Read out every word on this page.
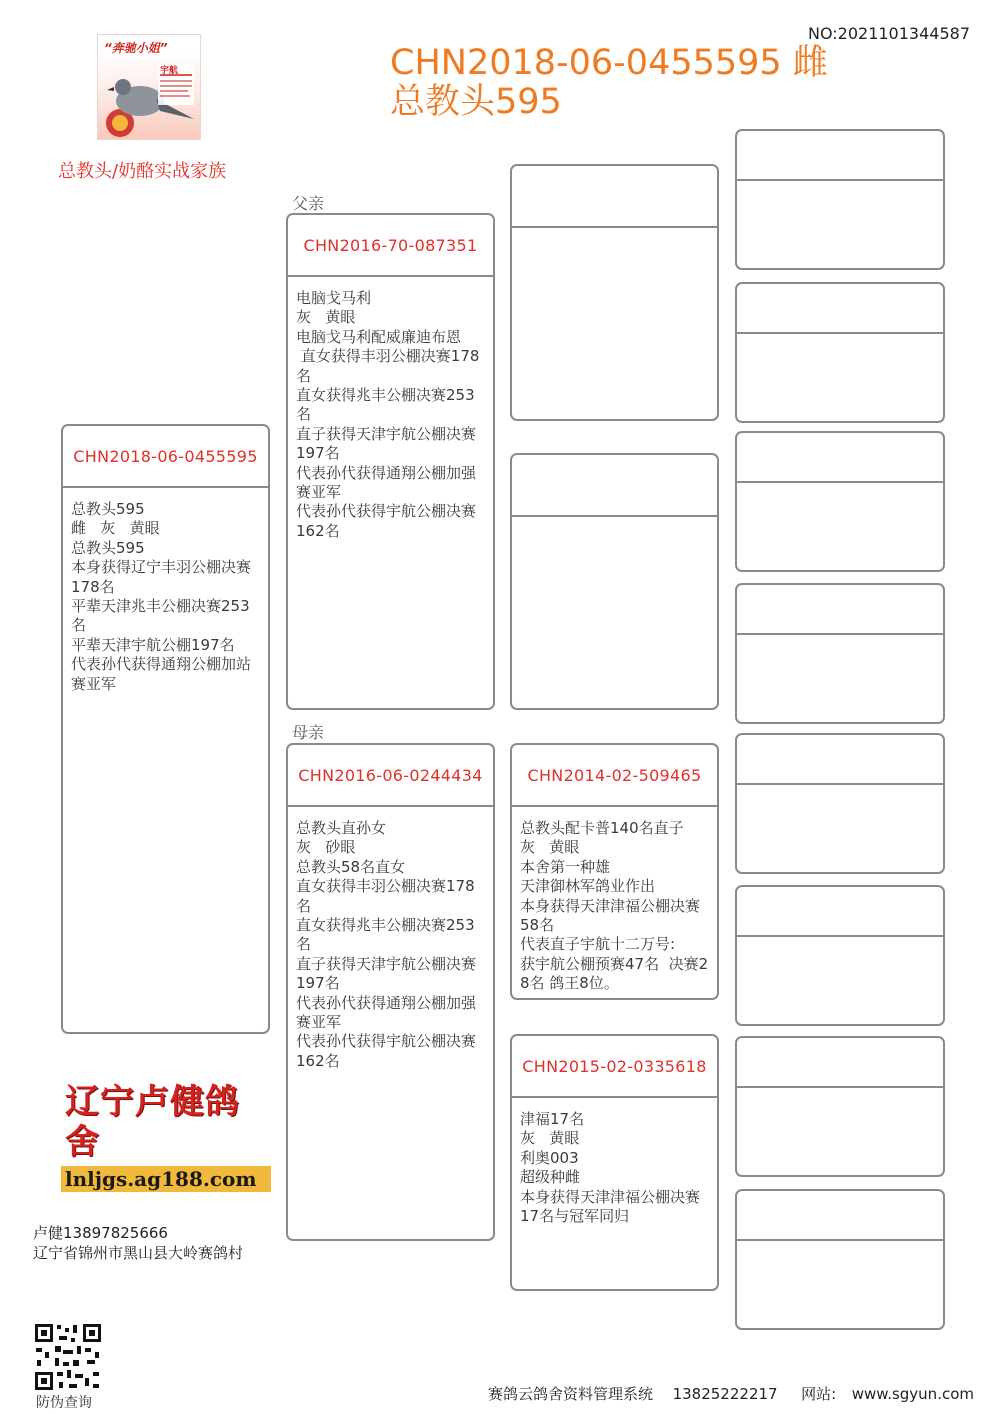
NO:2021101344587
CHN2018-06-0455595 雌
总教头595
“奔驰小姐”
宇航
总教头/奶酪实战家族
父亲
母亲
CHN2018-06-0455595
总教头595
雌   灰   黄眼
总教头595
本身获得辽宁丰羽公棚决赛178名
平辈天津兆丰公棚决赛253名
平辈天津宇航公棚197名
代表孙代获得通翔公棚加站赛亚军
CHN2016-70-087351
电脑戈马利
灰   黄眼
电脑戈马利配威廉迪布恩
直女获得丰羽公棚决赛178名
直女获得兆丰公棚决赛253名
直子获得天津宇航公棚决赛197名
代表孙代获得通翔公棚加强赛亚军
代表孙代获得宇航公棚决赛162名
CHN2016-06-0244434
总教头直孙女
灰   砂眼
总教头58名直女
直女获得丰羽公棚决赛178名
直女获得兆丰公棚决赛253名
直子获得天津宇航公棚决赛197名
代表孙代获得通翔公棚加强赛亚军
代表孙代获得宇航公棚决赛162名
CHN2014-02-509465
总教头配卡普140名直子
灰   黄眼
本舍第一种雄
天津御林军鸽业作出
本身获得天津津福公棚决赛58名
代表直子宇航十二万号:
获宇航公棚预赛47名  决赛28名 鸽王8位。
CHN2015-02-0335618
津福17名
灰   黄眼
利奥003
超级种雌
本身获得天津津福公棚决赛17名与冠军同归
辽宁卢健鸽舍
lnljgs.ag188.com
卢健13897825666
辽宁省锦州市黑山县大岭赛鸽村
防伪查询	赛鸽云鸽舍资料管理系统 13825222217 网站: www.sgyun.com
